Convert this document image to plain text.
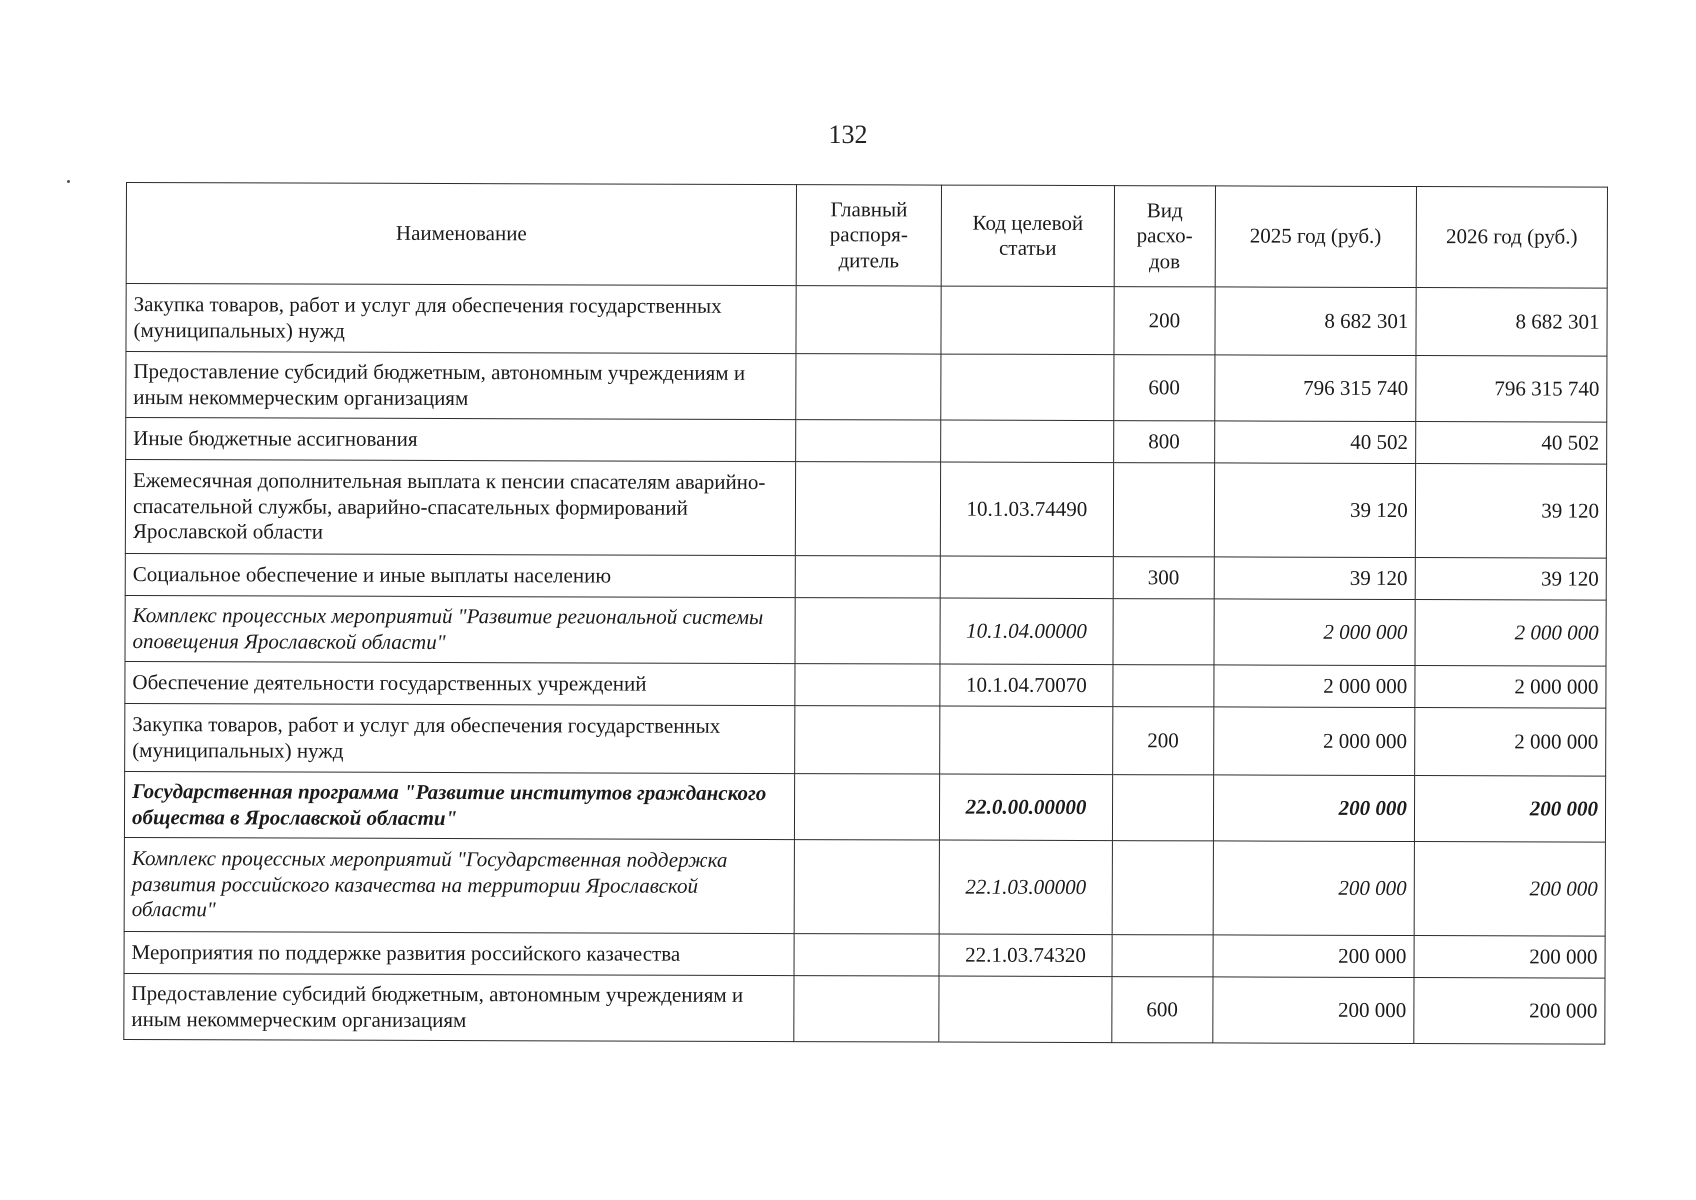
132
Наименование	Главный распоря-дитель	Код целевой статьи	Вид расхо-дов	2025 год (руб.)	2026 год (руб.)
Закупка товаров, работ и услуг для обеспечения государственных (муниципальных) нужд			200	8 682 301	8 682 301
Предоставление субсидий бюджетным, автономным учреждениям и иным некоммерческим организациям			600	796 315 740	796 315 740
Иные бюджетные ассигнования			800	40 502	40 502
Ежемесячная дополнительная выплата к пенсии спасателям аварийно-спасательной службы, аварийно-спасательных формирований Ярославской области		10.1.03.74490		39 120	39 120
Социальное обеспечение и иные выплаты населению			300	39 120	39 120
Комплекс процессных мероприятий "Развитие региональной системы оповещения Ярославской области"		10.1.04.00000		2 000 000	2 000 000
Обеспечение деятельности государственных учреждений		10.1.04.70070		2 000 000	2 000 000
Закупка товаров, работ и услуг для обеспечения государственных (муниципальных) нужд			200	2 000 000	2 000 000
Государственная программа "Развитие институтов гражданского общества в Ярославской области"		22.0.00.00000		200 000	200 000
Комплекс процессных мероприятий "Государственная поддержка развития российского казачества на территории Ярославской области"		22.1.03.00000		200 000	200 000
Мероприятия по поддержке развития российского казачества		22.1.03.74320		200 000	200 000
Предоставление субсидий бюджетным, автономным учреждениям и иным некоммерческим организациям			600	200 000	200 000
